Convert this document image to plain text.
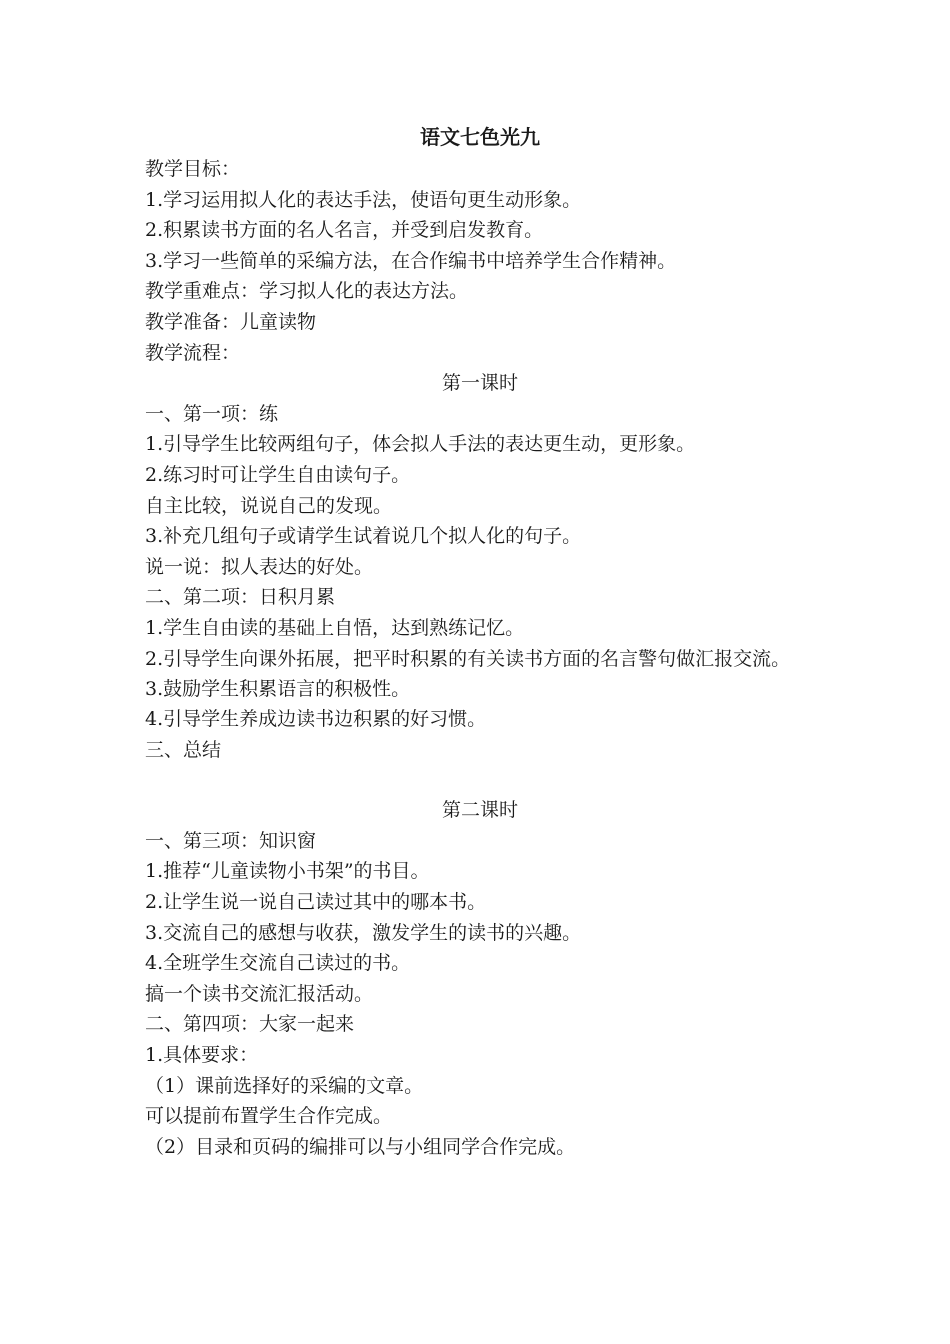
语文七色光九
教学目标：
1.学习运用拟人化的表达手法，使语句更生动形象。
2.积累读书方面的名人名言，并受到启发教育。
3.学习一些简单的采编方法，在合作编书中培养学生合作精神。
教学重难点：学习拟人化的表达方法。
教学准备：儿童读物
教学流程：
第一课时
一、第一项：练
1.引导学生比较两组句子，体会拟人手法的表达更生动，更形象。
2.练习时可让学生自由读句子。
自主比较，说说自己的发现。
3.补充几组句子或请学生试着说几个拟人化的句子。
说一说：拟人表达的好处。
二、第二项：日积月累
1.学生自由读的基础上自悟，达到熟练记忆。
2.引导学生向课外拓展，把平时积累的有关读书方面的名言警句做汇报交流。
3.鼓励学生积累语言的积极性。
4.引导学生养成边读书边积累的好习惯。
三、总结
第二课时
一、第三项：知识窗
1.推荐“儿童读物小书架”的书目。
2.让学生说一说自己读过其中的哪本书。
3.交流自己的感想与收获，激发学生的读书的兴趣。
4.全班学生交流自己读过的书。
搞一个读书交流汇报活动。
二、第四项：大家一起来
1.具体要求：
（1）课前选择好的采编的文章。
可以提前布置学生合作完成。
（2）目录和页码的编排可以与小组同学合作完成。
